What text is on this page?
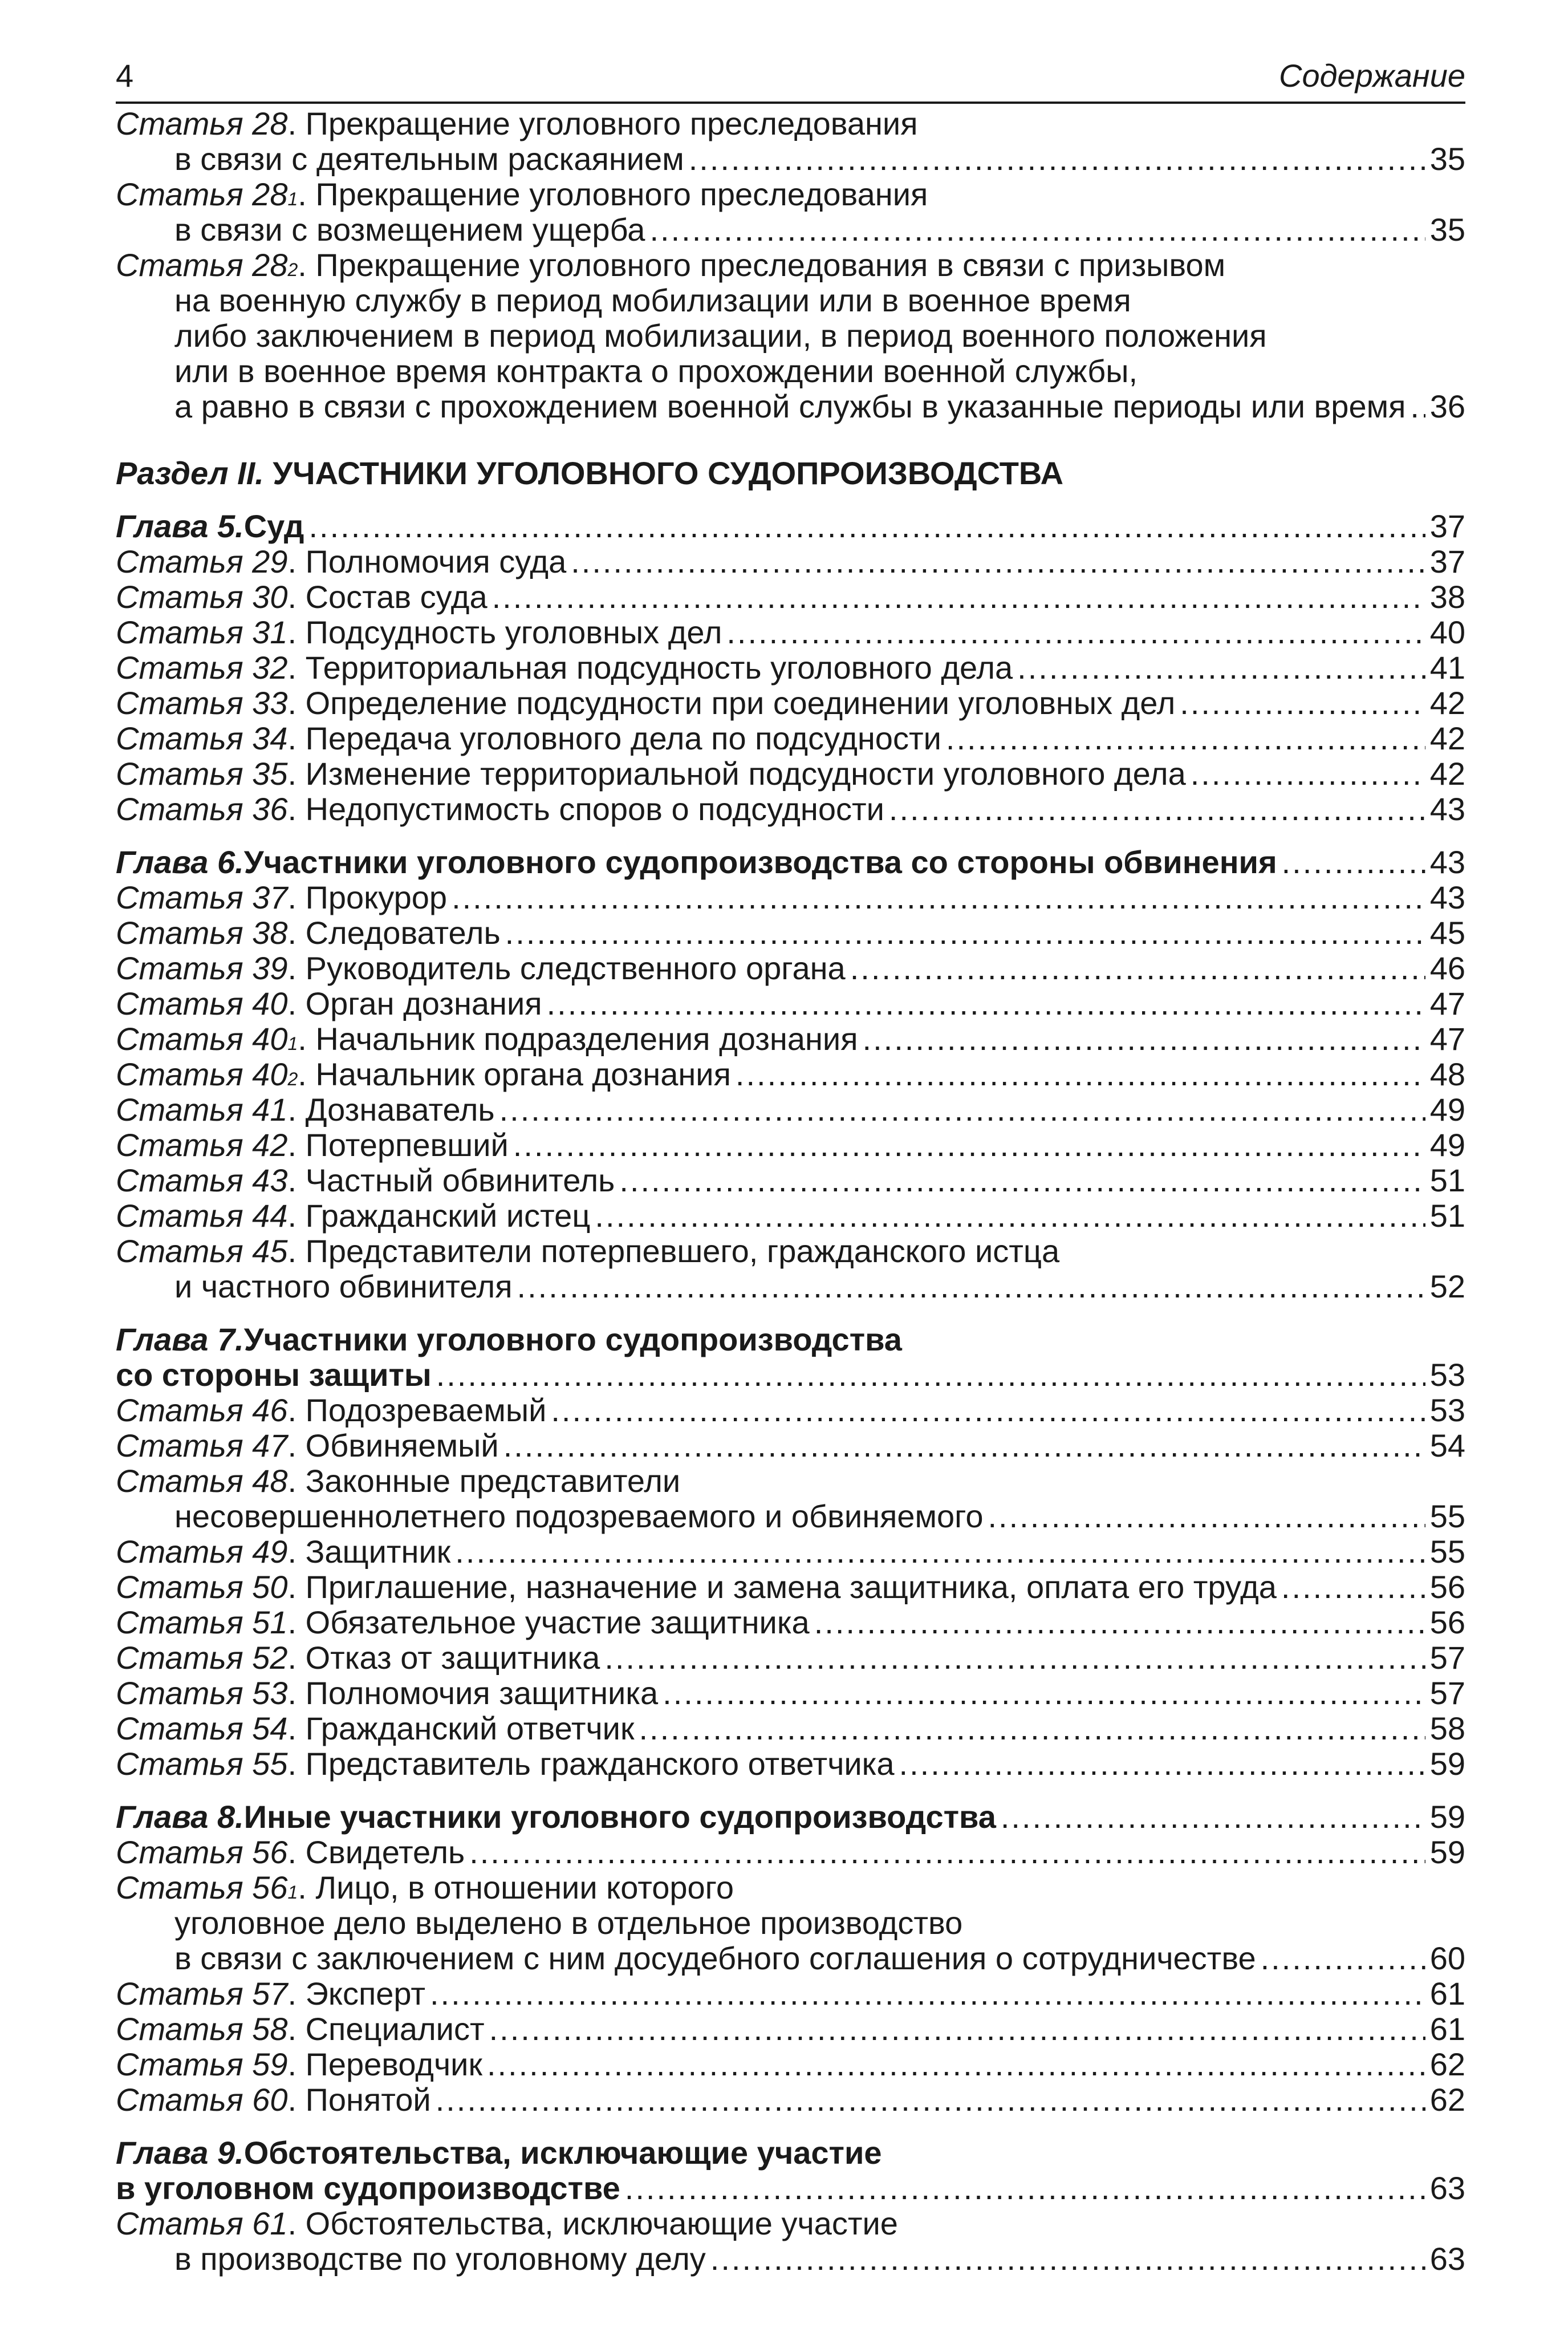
4	Содержание
Статья 28 . Прекращение уголовного преследования
в связи с деятельным раскаянием .....	35
Статья 28 1 . Прекращение уголовного преследования
в связи с возмещением ущерба .....	35
Статья 28 2 . Прекращение уголовного преследования в связи с призывом
на военную службу в период мобилизации или в военное время
либо заключением в период мобилизации, в период военного положения
или в военное время контракта о прохождении военной службы,
а равно в связи с прохождением военной службы в указанные периоды или время ..... 36
Раздел II. УЧАСТНИКИ УГОЛОВНОГО СУДОПРОИЗВОДСТВА
Глава 5. Суд .....	37
Статья 29 . Полномочия суда .....	37
Статья 30 . Состав суда .....	38
Статья 31 . Подсудность уголовных дел .....	40
Статья 32 . Территориальная подсудность уголовного дела .....	41
Статья 33 . Определение подсудности при соединении уголовных дел .....	42
Статья 34 . Передача уголовного дела по подсудности .....	42
Статья 35 . Изменение территориальной подсудности уголовного дела .....	42
Статья 36 . Недопустимость споров о подсудности .....	43
Глава 6. Участники уголовного судопроизводства со стороны обвинения .....	43
Статья 37 . Прокурор .....	43
Статья 38 . Следователь .....	45
Статья 39 . Руководитель следственного органа .....	46
Статья 40 . Орган дознания .....	47
Статья 40 1 . Начальник подразделения дознания .....	47
Статья 40 2 . Начальник органа дознания .....	48
Статья 41 . Дознаватель .....	49
Статья 42 . Потерпевший .....	49
Статья 43 . Частный обвинитель .....	51
Статья 44 . Гражданский истец .....	51
Статья 45 . Представители потерпевшего, гражданского истца
и частного обвинителя .....	52
Глава 7. Участники уголовного судопроизводства
со стороны защиты .....	53
Статья 46 . Подозреваемый .....	53
Статья 47 . Обвиняемый .....	54
Статья 48 . Законные представители
несовершеннолетнего подозреваемого и обвиняемого .....	55
Статья 49 . Защитник .....	55
Статья 50 . Приглашение, назначение и замена защитника, оплата его труда .....	56
Статья 51 . Обязательное участие защитника .....	56
Статья 52 . Отказ от защитника .....	57
Статья 53 . Полномочия защитника .....	57
Статья 54 . Гражданский ответчик .....	58
Статья 55 . Представитель гражданского ответчика .....	59
Глава 8. Иные участники уголовного судопроизводства .....	59
Статья 56 . Свидетель .....	59
Статья 56 1 . Лицо, в отношении которого
уголовное дело выделено в отдельное производство
в связи с заключением с ним досудебного соглашения о сотрудничестве .....	60
Статья 57 . Эксперт .....	61
Статья 58 . Специалист .....	61
Статья 59 . Переводчик .....	62
Статья 60 . Понятой .....	62
Глава 9. Обстоятельства, исключающие участие
в уголовном судопроизводстве .....	63
Статья 61 . Обстоятельства, исключающие участие
в производстве по уголовному делу .....	63
